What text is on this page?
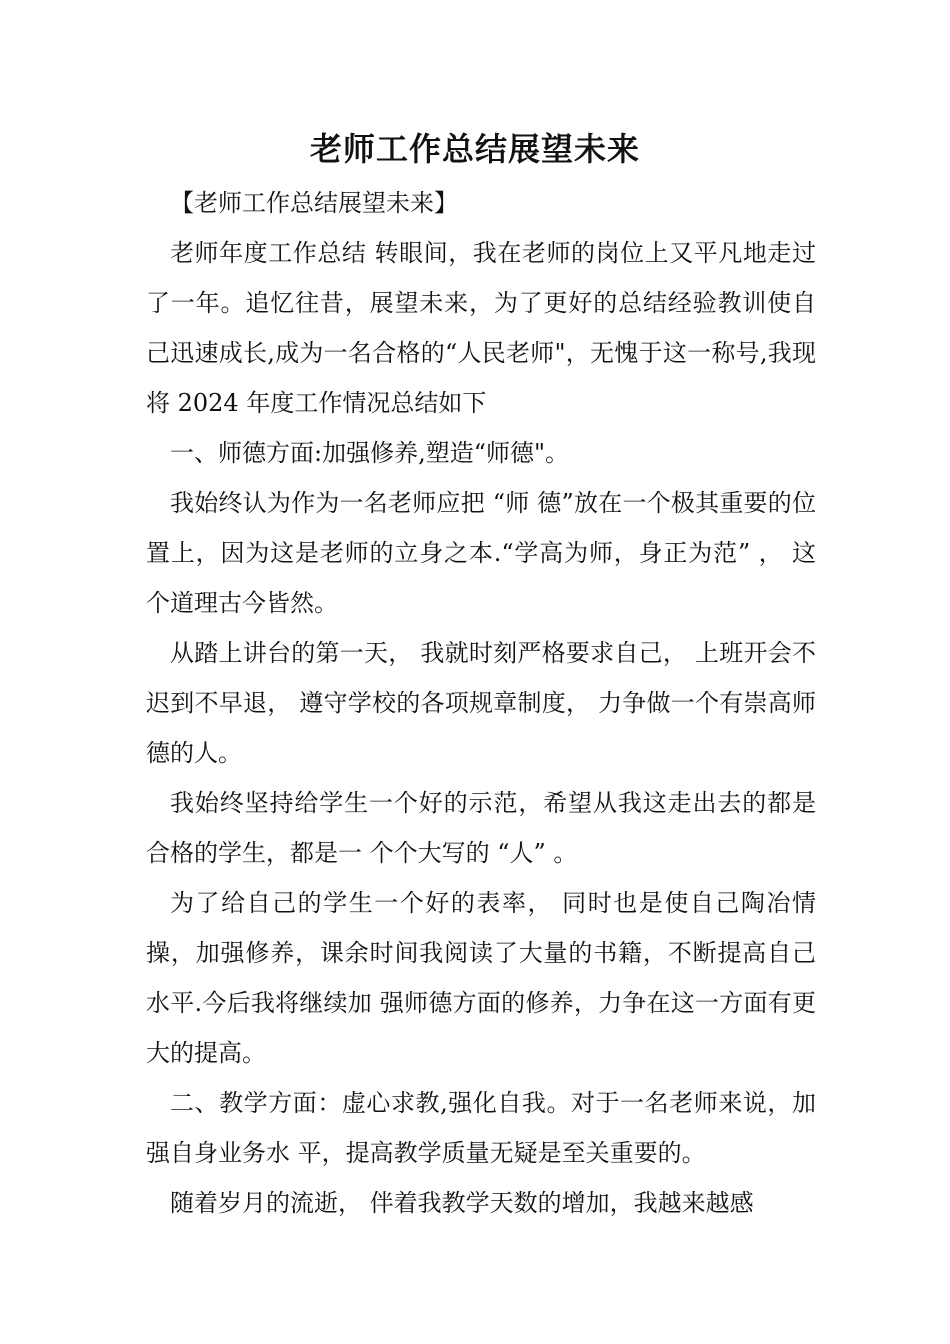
老师工作总结展望未来

【老师工作总结展望未来】

老师年度工作总结 转眼间，我在老师的岗位上又平凡地走过了一年。追忆往昔，展望未来，为了更好的总结经验教训使自己迅速成长,成为一名合格的“人民老师"，无愧于这一称号,我现将 2024 年度工作情况总结如下

一、师德方面:加强修养,塑造“师德"。

我始终认为作为一名老师应把 “师 德”放在一个极其重要的位置上，因为这是老师的立身之本.“学高为师，身正为范” ， 这个道理古今皆然。

从踏上讲台的第一天， 我就时刻严格要求自己， 上班开会不迟到不早退， 遵守学校的各项规章制度， 力争做一个有崇高师德的人。

我始终坚持给学生一个好的示范，希望从我这走出去的都是合格的学生，都是一 个个大写的 “人” 。

为了给自己的学生一个好的表率， 同时也是使自己陶冶情操，加强修养，课余时间我阅读了大量的书籍，不断提高自己水平.今后我将继续加 强师德方面的修养，力争在这一方面有更大的提高。

二、教学方面：虚心求教,强化自我。对于一名老师来说，加强自身业务水 平，提高教学质量无疑是至关重要的。

随着岁月的流逝， 伴着我教学天数的增加，我越来越感
